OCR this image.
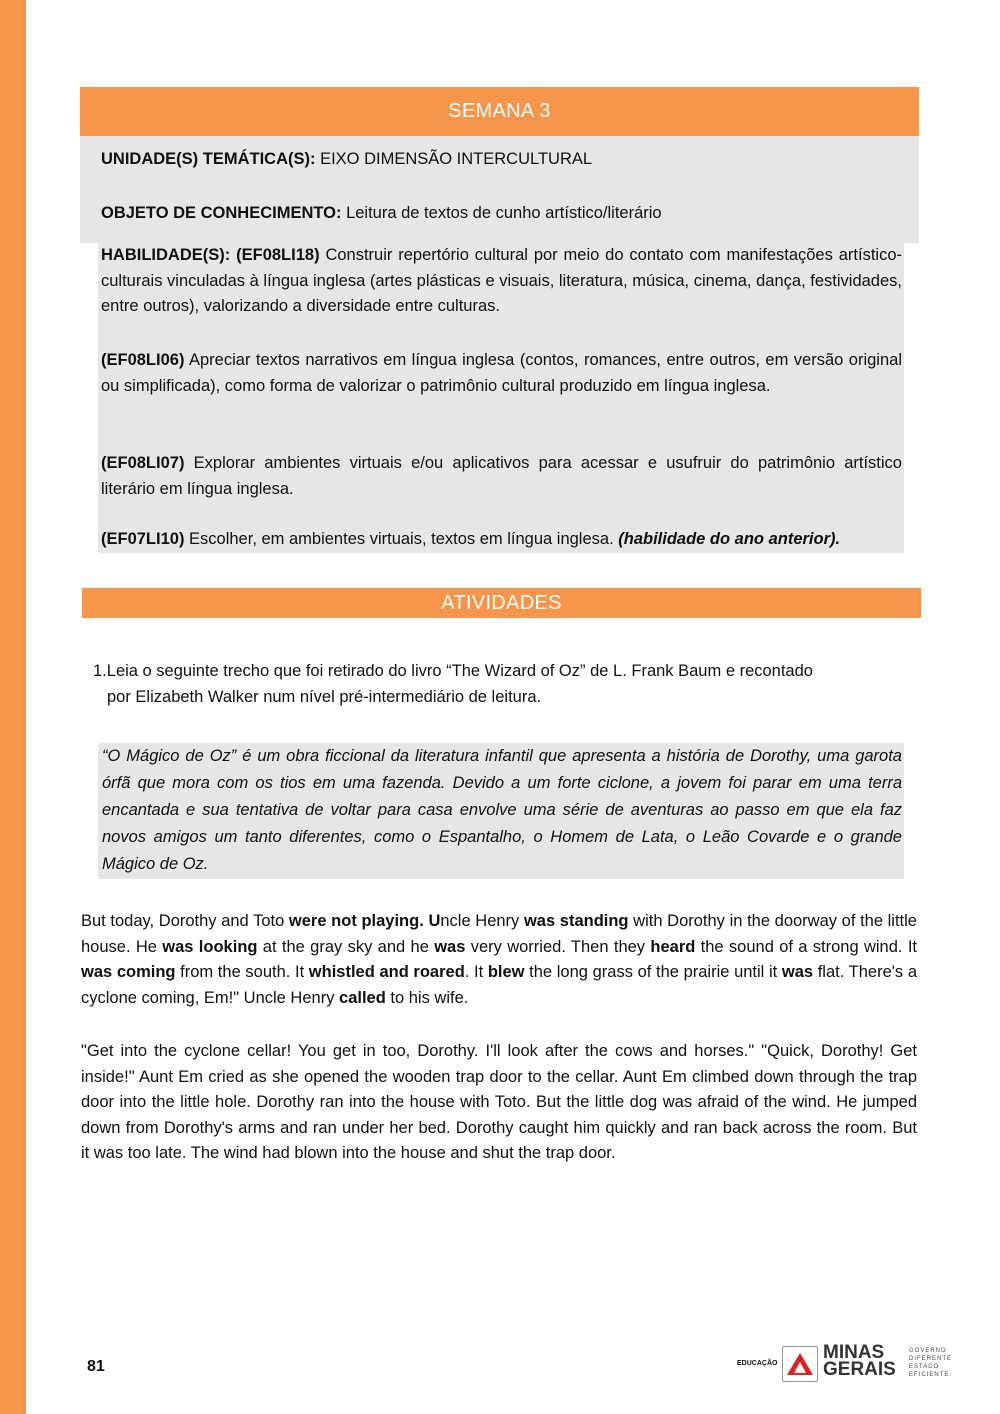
SEMANA 3
UNIDADE(S) TEMÁTICA(S): EIXO DIMENSÃO INTERCULTURAL
OBJETO DE CONHECIMENTO: Leitura de textos de cunho artístico/literário

HABILIDADE(S): (EF08LI18) Construir repertório cultural por meio do contato com manifestações artístico-culturais vinculadas à língua inglesa (artes plásticas e visuais, literatura, música, cinema, dança, festividades, entre outros), valorizando a diversidade entre culturas.

(EF08LI06) Apreciar textos narrativos em língua inglesa (contos, romances, entre outros, em versão original ou simplificada), como forma de valorizar o patrimônio cultural produzido em língua inglesa.

(EF08LI07) Explorar ambientes virtuais e/ou aplicativos para acessar e usufruir do patrimônio artístico literário em língua inglesa.

(EF07LI10) Escolher, em ambientes virtuais, textos em língua inglesa. (habilidade do ano anterior).

ATIVIDADES
1.Leia o seguinte trecho que foi retirado do livro “The Wizard of Oz” de L. Frank Baum e recontado
por Elizabeth Walker num nível pré-intermediário de leitura.
“O Mágico de Oz” é um obra ficcional da literatura infantil que apresenta a história de Dorothy, uma garota órfã que mora com os tios em uma fazenda. Devido a um forte ciclone, a jovem foi parar em uma terra encantada e sua tentativa de voltar para casa envolve uma série de aventuras ao passo em que ela faz novos amigos um tanto diferentes, como o Espantalho, o Homem de Lata, o Leão Covarde e o grande Mágico de Oz.
But today, Dorothy and Toto were not playing. Uncle Henry was standing with Dorothy in the doorway of the little house. He was looking at the gray sky and he was very worried. Then they heard the sound of a strong wind. It was coming from the south. It whistled and roared. It blew the long grass of the prairie until it was flat. There's a cyclone coming, Em!" Uncle Henry called to his wife.
"Get into the cyclone cellar! You get in too, Dorothy. I'll look after the cows and horses." "Quick, Dorothy! Get inside!" Aunt Em cried as she opened the wooden trap door to the cellar. Aunt Em climbed down through the trap door into the little hole. Dorothy ran into the house with Toto. But the little dog was afraid of the wind. He jumped down from Dorothy's arms and ran under her bed. Dorothy caught him quickly and ran back across the room. But it was too late. The wind had blown into the house and shut the trap door.
81	EDUCAÇÃO
MINAS
GERAIS
GOVERNO
DIFERENTE
ESTADO
EFICIENTE.
